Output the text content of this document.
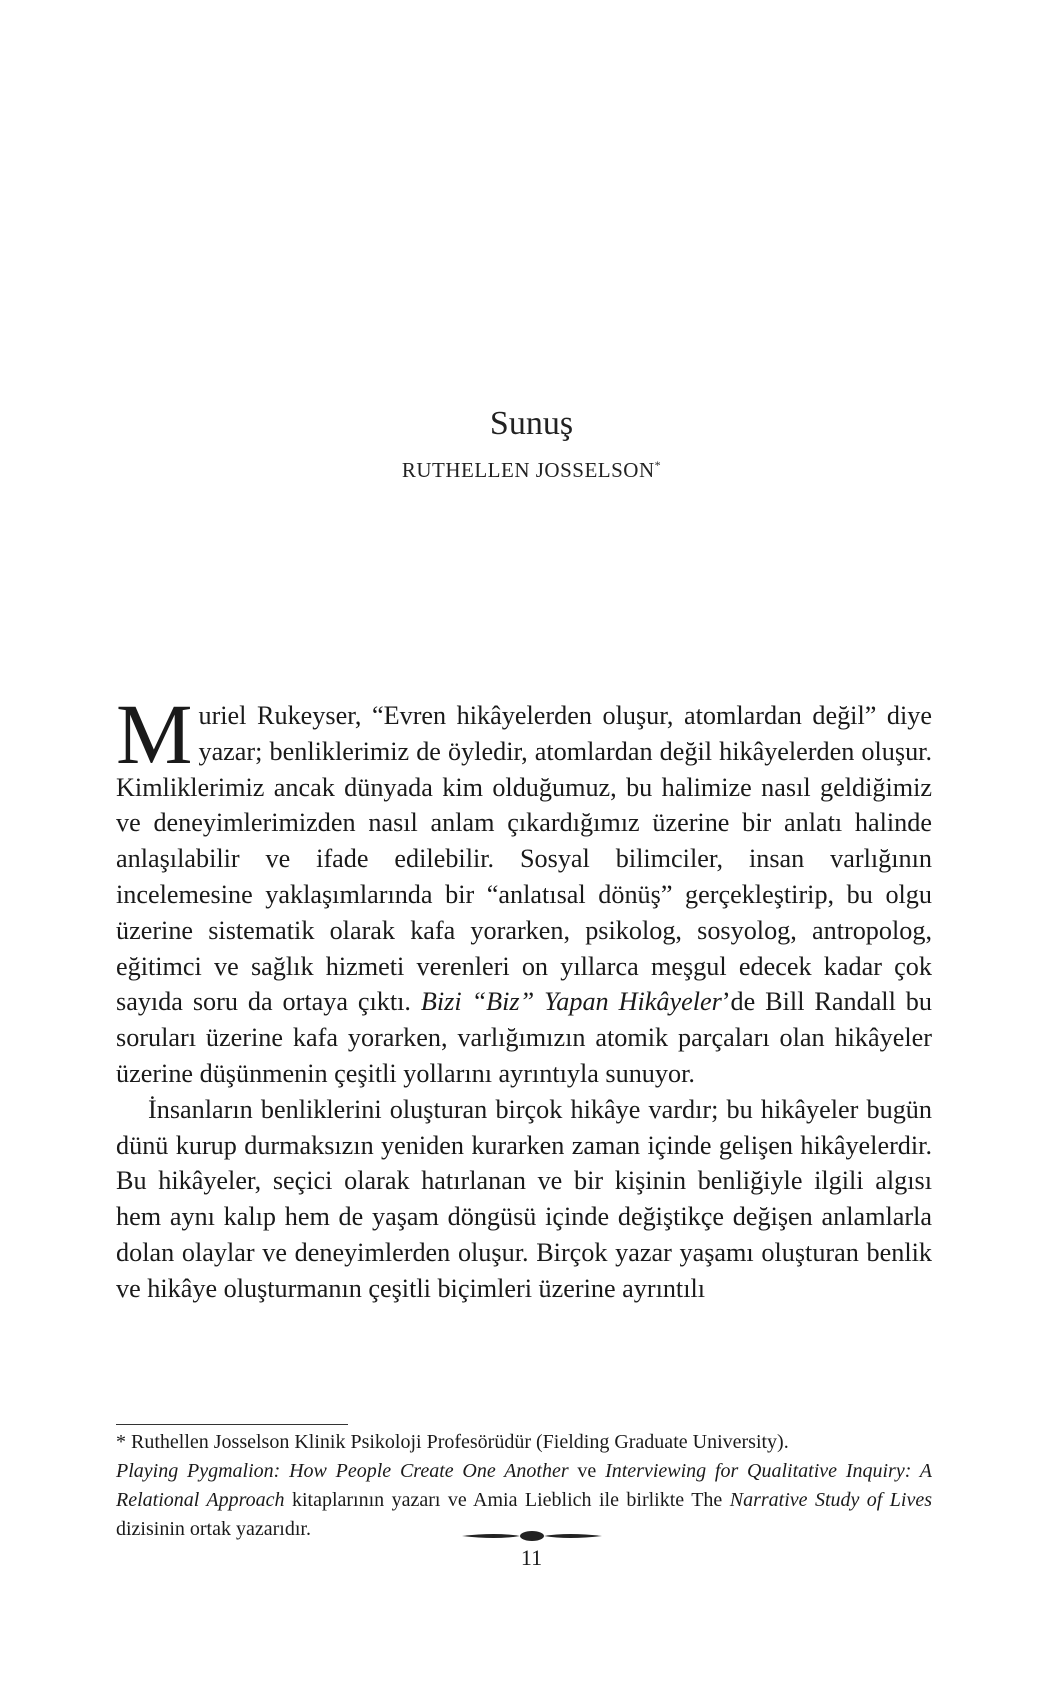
Sunuş
RUTHELLEN JOSSELSON*

Muriel Rukeyser, “Evren hikâyelerden oluşur, atomlardan değil” diye yazar; benliklerimiz de öyledir, atomlardan değil hikâyelerden oluşur. Kimliklerimiz ancak dünyada kim olduğumuz, bu halimize nasıl geldiğimiz ve deneyimlerimizden nasıl anlam çıkardığımız üzerine bir anlatı halinde anlaşılabilir ve ifade edilebilir. Sosyal bilimciler, insan varlığının incelemesine yaklaşımlarında bir “anlatısal dönüş” gerçekleştirip, bu olgu üzerine sistematik olarak kafa yorarken, psikolog, sosyolog, antropolog, eğitimci ve sağlık hizmeti verenleri on yıllarca meşgul edecek kadar çok sayıda soru da ortaya çıktı. Bizi “Biz” Yapan Hikâyeler’de Bill Randall bu soruları üzerine kafa yorarken, varlığımızın atomik parçaları olan hikâyeler üzerine düşünmenin çeşitli yollarını ayrıntıyla sunuyor.

İnsanların benliklerini oluşturan birçok hikâye vardır; bu hikâyeler bugün dünü kurup durmaksızın yeniden kurarken zaman içinde gelişen hikâyelerdir. Bu hikâyeler, seçici olarak hatırlanan ve bir kişinin benliğiyle ilgili algısı hem aynı kalıp hem de yaşam döngüsü içinde değiştikçe değişen anlamlarla dolan olaylar ve deneyimlerden oluşur. Birçok yazar yaşamı oluşturan benlik ve hikâye oluşturmanın çeşitli biçimleri üzerine ayrıntılı

* Ruthellen Josselson Klinik Psikoloji Profesörüdür (Fielding Graduate University).

Playing Pygmalion: How People Create One Another ve Interviewing for Qualitative Inquiry: A Relational Approach kitaplarının yazarı ve Amia Lieblich ile birlikte The Narrative Study of Lives dizisinin ortak yazarıdır.

11
